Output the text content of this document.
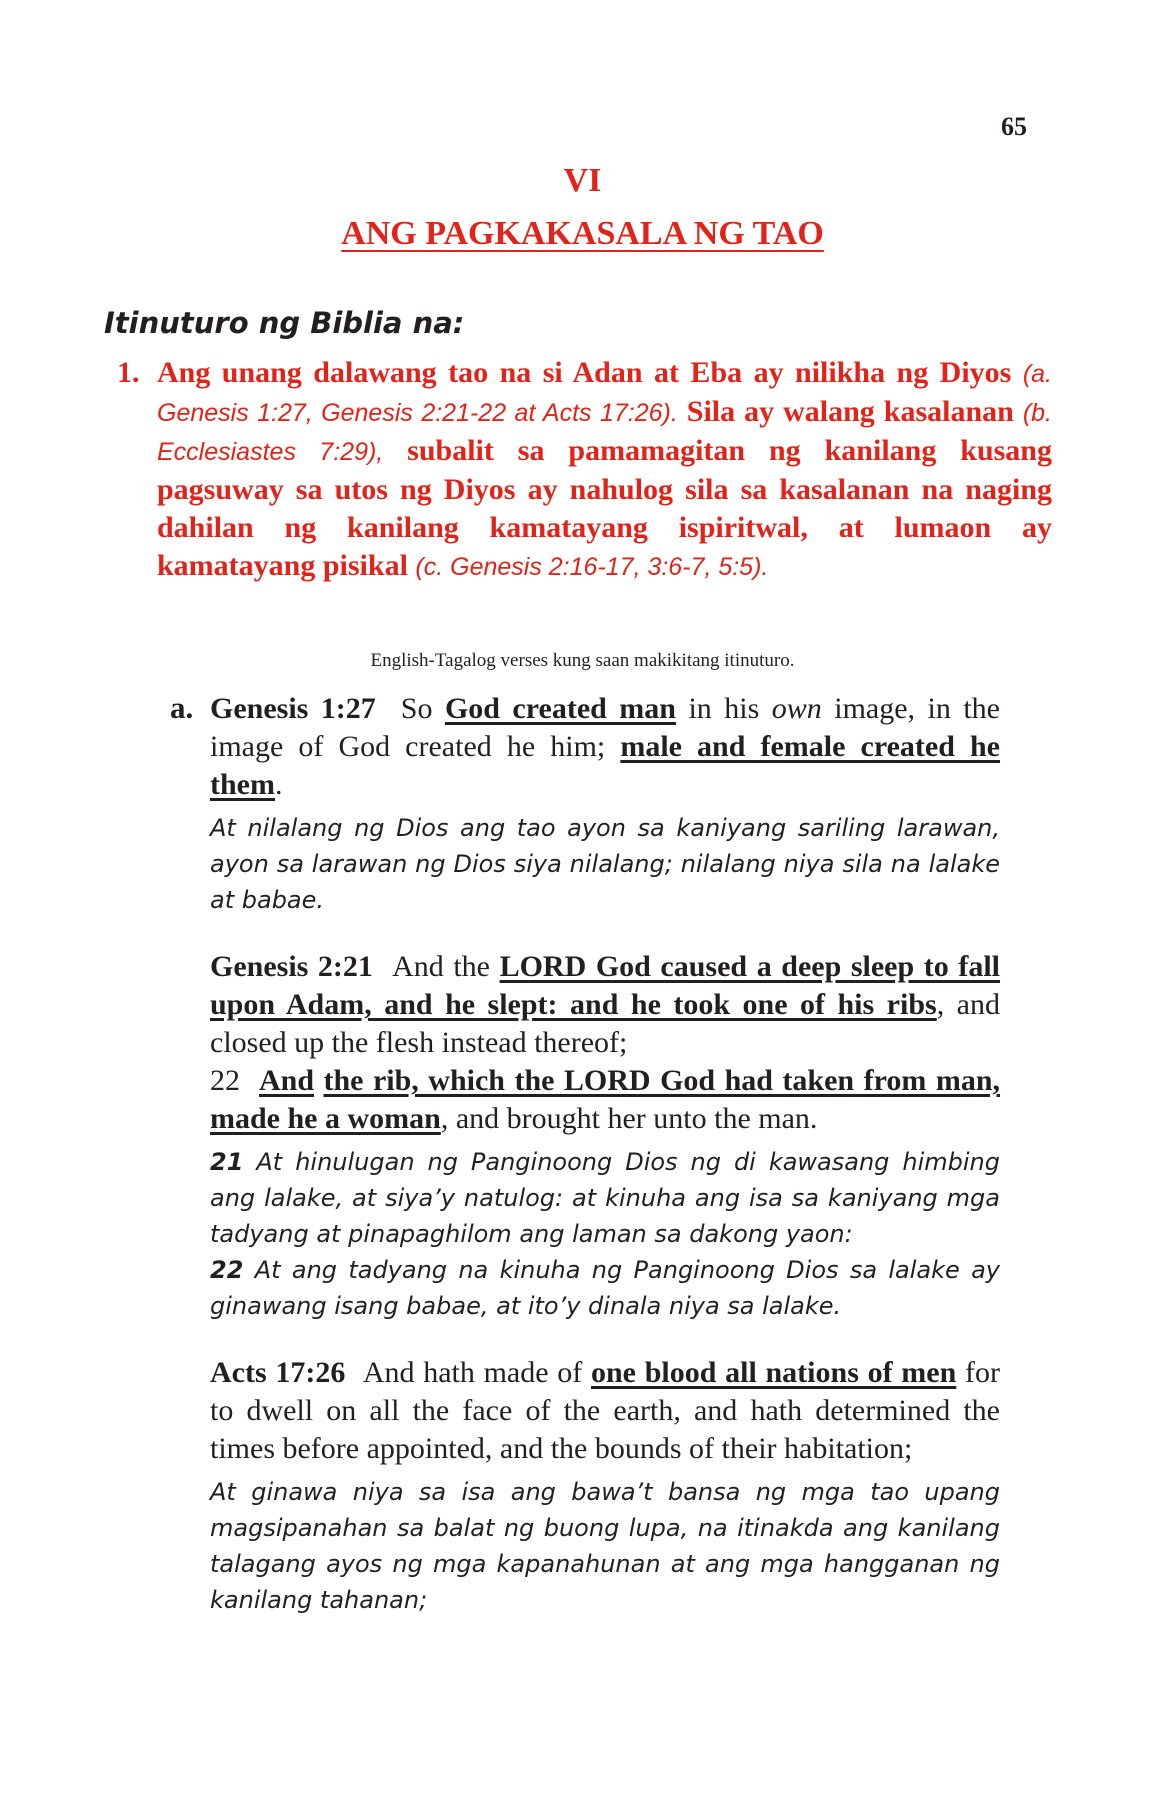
65
VI
ANG PAGKAKASALA NG TAO
Itinuturo ng Biblia na:
1. Ang unang dalawang tao na si Adan at Eba ay nilikha ng Diyos (a. Genesis 1:27, Genesis 2:21-22 at Acts 17:26). Sila ay walang kasalanan (b. Ecclesiastes 7:29), subalit sa pamamagitan ng kanilang kusang pagsuway sa utos ng Diyos ay nahulog sila sa kasalanan na naging dahilan ng kanilang kamatayang ispiritwal, at lumaon ay kamatayang pisikal (c. Genesis 2:16-17, 3:6-7, 5:5).
English-Tagalog verses kung saan makikitang itinuturo.
a. Genesis 1:27 So God created man in his own image, in the image of God created he him; male and female created he them.
At nilalang ng Dios ang tao ayon sa kaniyang sariling larawan, ayon sa larawan ng Dios siya nilalang; nilalang niya sila na lalake at babae.
Genesis 2:21 And the LORD God caused a deep sleep to fall upon Adam, and he slept: and he took one of his ribs, and closed up the flesh instead thereof;
22 And the rib, which the LORD God had taken from man, made he a woman, and brought her unto the man.
21 At hinulugan ng Panginoong Dios ng di kawasang himbing ang lalake, at siya’y natulog: at kinuha ang isa sa kaniyang mga tadyang at pinapaghilom ang laman sa dakong yaon:
22 At ang tadyang na kinuha ng Panginoong Dios sa lalake ay ginawang isang babae, at ito’y dinala niya sa lalake.
Acts 17:26 And hath made of one blood all nations of men for to dwell on all the face of the earth, and hath determined the times before appointed, and the bounds of their habitation;
At ginawa niya sa isa ang bawa’t bansa ng mga tao upang magsipanahan sa balat ng buong lupa, na itinakda ang kanilang talagang ayos ng mga kapanahunan at ang mga hangganan ng kanilang tahanan;
